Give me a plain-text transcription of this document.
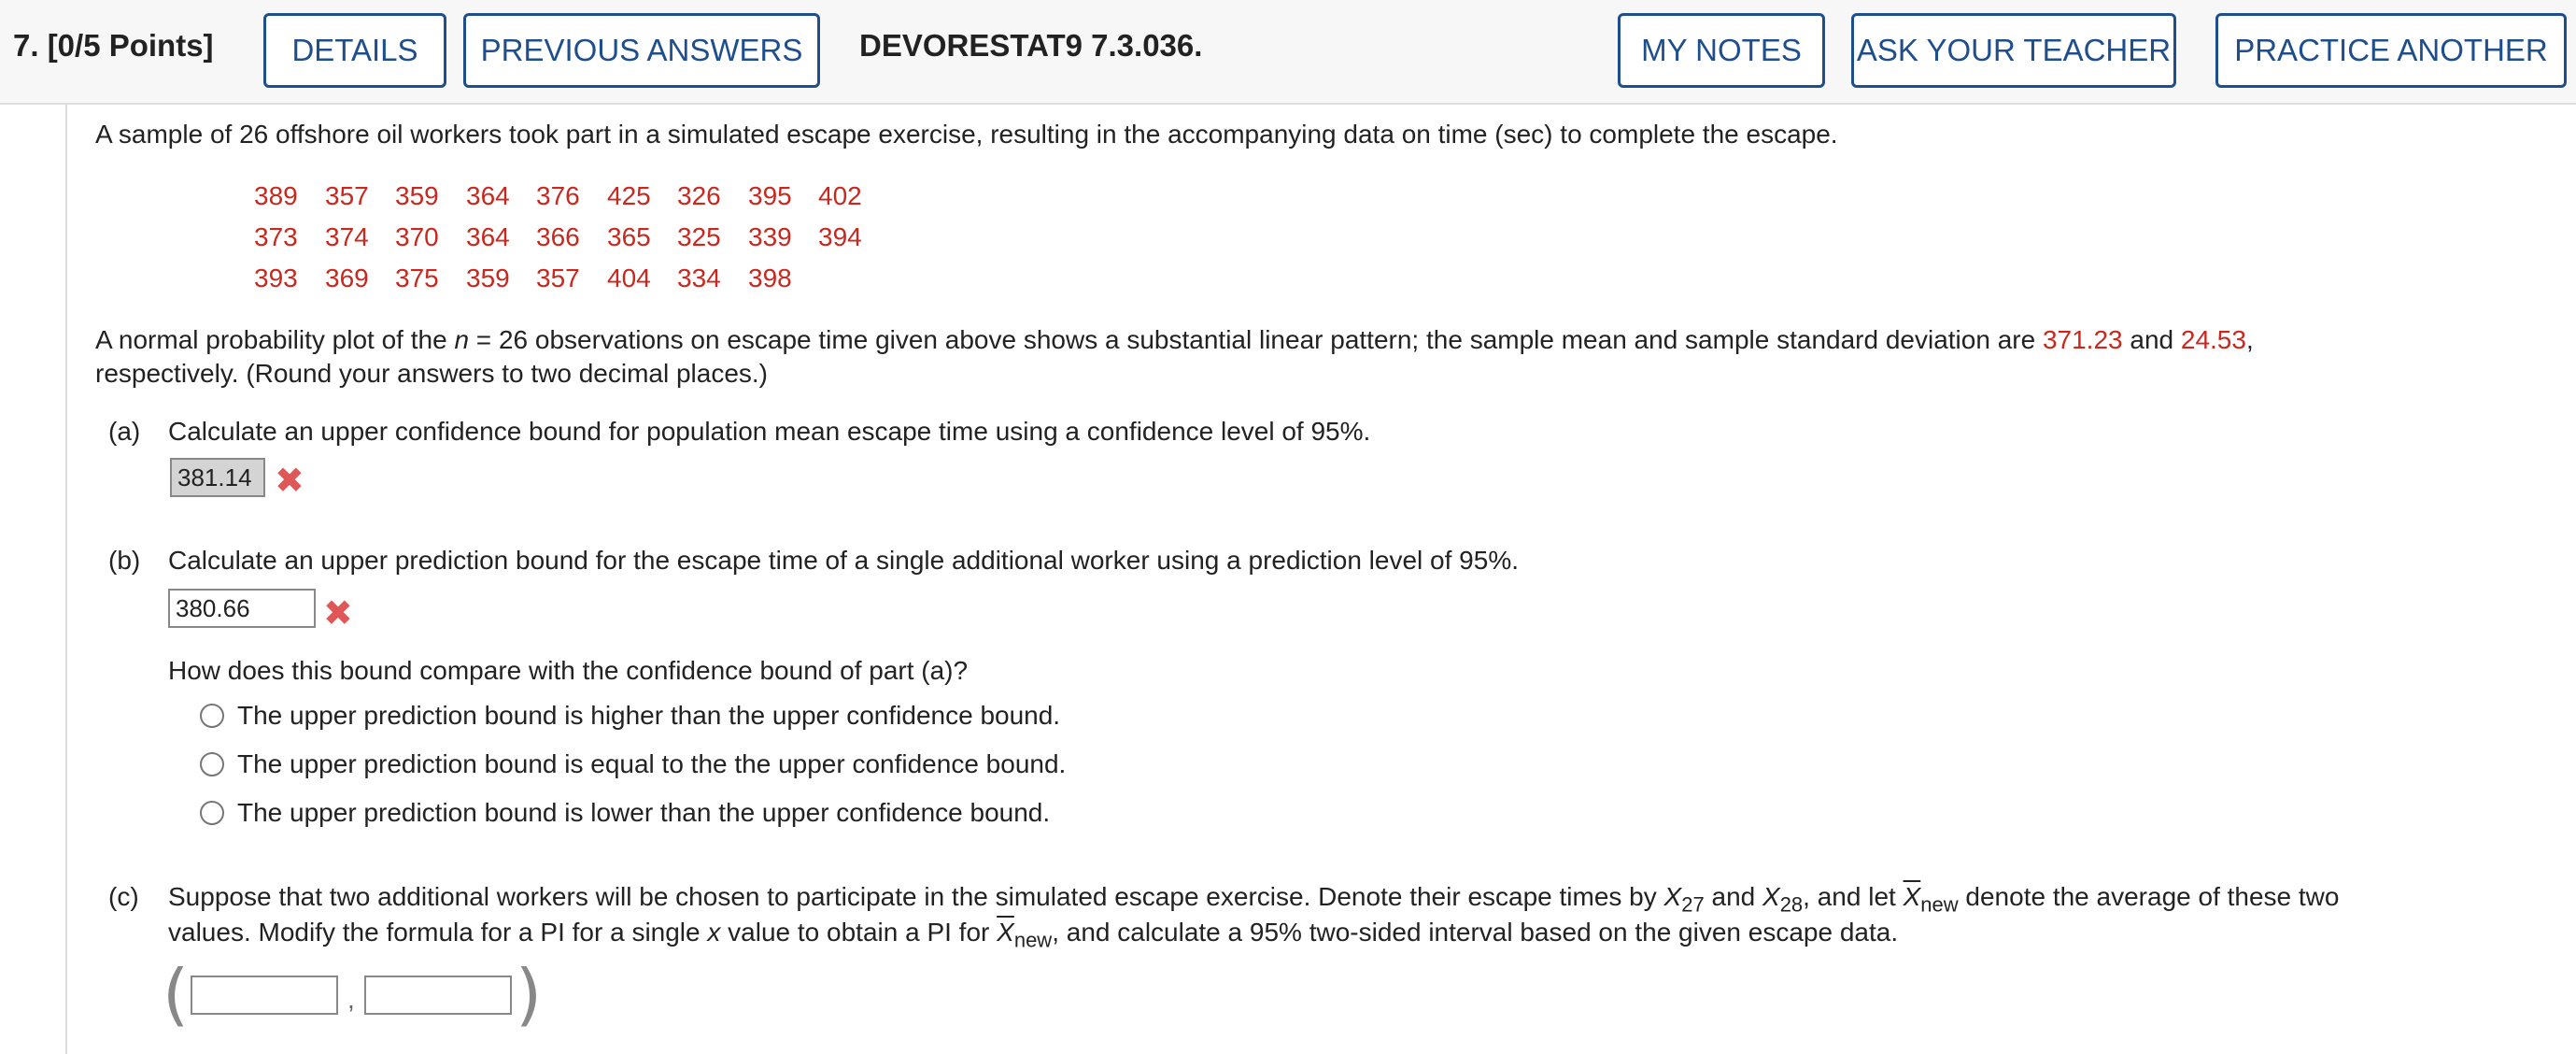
7. [0/5 Points]	DETAILS	PREVIOUS ANSWERS	DEVORESTAT9 7.3.036.	MY NOTES	ASK YOUR TEACHER	PRACTICE ANOTHER
A sample of 26 offshore oil workers took part in a simulated escape exercise, resulting in the accompanying data on time (sec) to complete the escape.
389 357 359 364 376 425 326 395 402
373 374 370 364 366 365 325 339 394
393 369 375 359 357 404 334 398
A normal probability plot of the n = 26 observations on escape time given above shows a substantial linear pattern; the sample mean and sample standard deviation are 371.23 and 24.53,
respectively. (Round your answers to two decimal places.)
(a) Calculate an upper confidence bound for population mean escape time using a confidence level of 95%.
381.14 ✖
(b) Calculate an upper prediction bound for the escape time of a single additional worker using a prediction level of 95%.
380.66	✖
How does this bound compare with the confidence bound of part (a)?
The upper prediction bound is higher than the upper confidence bound.
The upper prediction bound is equal to the the upper confidence bound.
The upper prediction bound is lower than the upper confidence bound.
(c) Suppose that two additional workers will be chosen to participate in the simulated escape exercise. Denote their escape times by $X_{27}$ and $X_{28}$, and let $\overline{X}_{new}$ denote the average of these two
values. Modify the formula for a PI for a single x value to obtain a PI for $\overline{X}_{new}$, and calculate a 95% two-sided interval based on the given escape data.
(	, )
